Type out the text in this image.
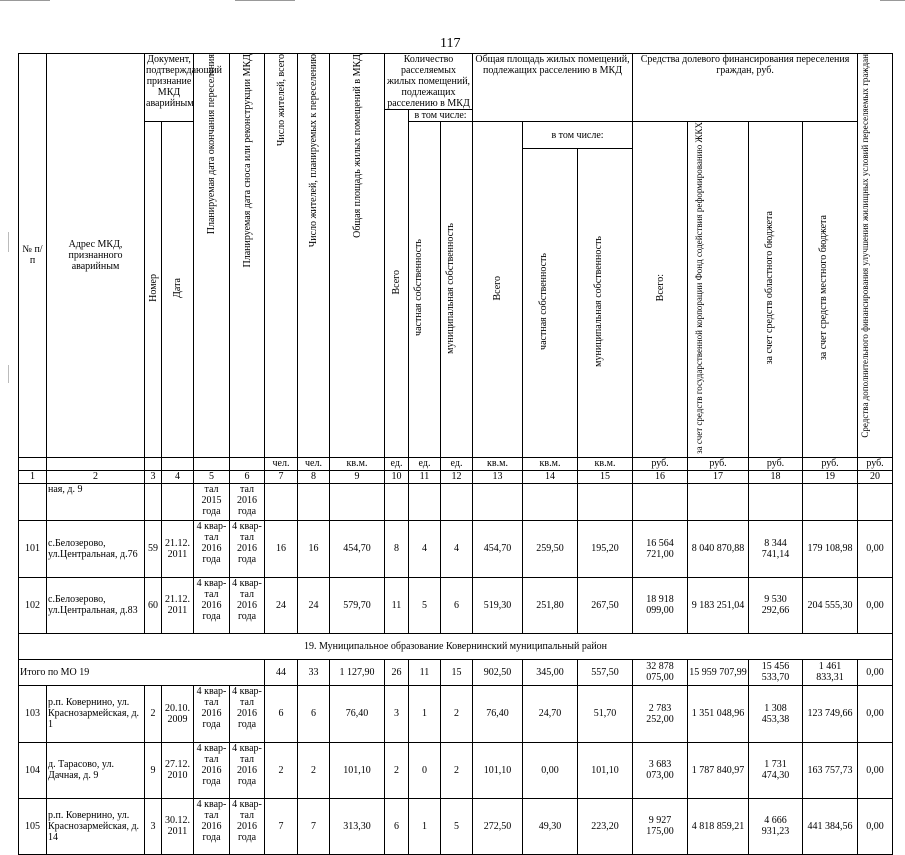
117
№ п/п	Адрес МКД, признанного аварийным	Документ, подтверждающий признание МКД аварийным		Планируемая дата окончания переселения	Планируемая дата сноса или реконструкции МКД	Число жителей, всего	Число жителей, планируемых к переселению	Общая площадь жилых помещений в МКД	Количество расселяемых жилых помещений, подлежащих расселению в МКД			Общая площадь жилых помещений, подлежащих расселению в МКД			Средства долевого финансирования переселения граждан, руб.				Средства дополнительного финансирования улучшения жилищных условий переселяемых граждан
									Всего	в том числе:									
		Номер	Дата							частная собственность	муниципальная собственность	Всего	в том числе:		Всего:	за счет средств государственной корпорации Фонд содействия реформированию ЖКХ	за счет средств областного бюджета	за счет средств местного бюджета	
													частная собственность	муниципальная собственность					
						чел.	чел.	кв.м.	ед.	ед.	ед.	кв.м.	кв.м.	кв.м.	руб.	руб.	руб.	руб.	руб.
1	2	3	4	5	6	7	8	9	10	11	12	13	14	15	16	17	18	19	20
	ная, д. 9			тал 2015 года	тал 2016 года														
101	с.Белозерово, ул.Центральная, д.76	59	21.12. 2011	4 квар-тал 2016 года	4 квар-тал 2016 года	16	16	454,70	8	4	4	454,70	259,50	195,20	16 564 721,00	8 040 870,88	8 344 741,14	179 108,98	0,00
102	с.Белозерово, ул.Центральная, д.83	60	21.12. 2011	4 квар-тал 2016 года	4 квар-тал 2016 года	24	24	579,70	11	5	6	519,30	251,80	267,50	18 918 099,00	9 183 251,04	9 530 292,66	204 555,30	0,00
19. Муниципальное образование Ковернинский муниципальный район																			
Итого по МО 19						44	33	1 127,90	26	11	15	902,50	345,00	557,50	32 878 075,00	15 959 707,99	15 456 533,70	1 461 833,31	0,00
103	р.п. Ковернино, ул. Краснозармейская, д. 1	2	20.10. 2009	4 квар-тал 2016 года	4 квар-тал 2016 года	6	6	76,40	3	1	2	76,40	24,70	51,70	2 783 252,00	1 351 048,96	1 308 453,38	123 749,66	0,00
104	д. Тарасово, ул. Дачная, д. 9	9	27.12. 2010	4 квар-тал 2016 года	4 квар-тал 2016 года	2	2	101,10	2	0	2	101,10	0,00	101,10	3 683 073,00	1 787 840,97	1 731 474,30	163 757,73	0,00
105	р.п. Ковернино, ул. Краснозармейская, д. 14	3	30.12. 2011	4 квар-тал 2016 года	4 квар-тал 2016 года	7	7	313,30	6	1	5	272,50	49,30	223,20	9 927 175,00	4 818 859,21	4 666 931,23	441 384,56	0,00
